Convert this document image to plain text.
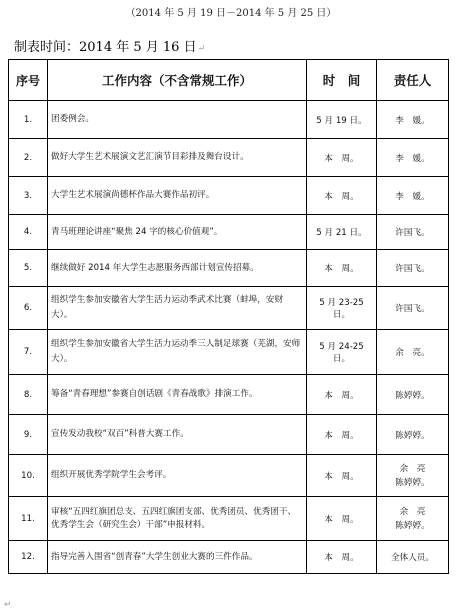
（2014 年 5 月 19 日－2014 年 5 月 25 日）
制表时间：2014 年 5 月 16 日↵
序号	工作内容（不含常规工作）	时　间	责任人
1.	团委例会。	5 月 19 日。	李　媛。
2.	做好大学生艺术展演文艺汇演节目彩排及舞台设计。	本　周。	李　媛。
3.	大学生艺术展演尚德杯作品大赛作品初评。	本　周。	李　媛。
4.	青马班理论讲座“聚焦 24 字的核心价值观”。	5 月 21 日。	许国飞。
5.	继续做好 2014 年大学生志愿服务西部计划宣传招募。	本　周。	许国飞。
6.	组织学生参加安徽省大学生活力运动季武术比赛（蚌埠，安财大）。	5 月 23-25 日。	许国飞。
7.	组织学生参加安徽省大学生活力运动季三人制足球赛（芜湖，安师大）。	5 月 24-25 日。	余　亮。
8.	筹备“青春理想”参赛自创话剧《青春战歌》排演工作。	本　周。	陈婷婷。
9.	宣传发动我校“双百”科普大赛工作。	本　周。	陈婷婷。
10.	组织开展优秀学院学生会考评。	本　周。	余　亮
陈婷婷。
11.	审核“五四红旗团总支、五四红旗团支部、优秀团员、优秀团干、优秀学生会（研究生会）干部”申报材料。	本　周。	余　亮
陈婷婷。
12.	指导完善入围省“创青春”大学生创业大赛的三件作品。	本　周。	全体人员。
↵
